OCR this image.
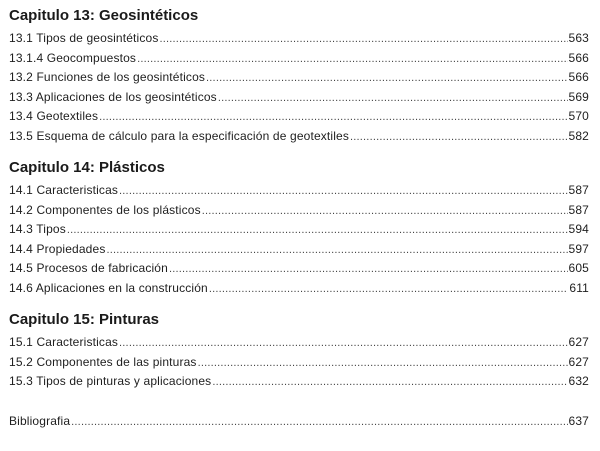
Capitulo 13: Geosintéticos
13.1 Tipos de geosintéticos .....	563
13.1.4 Geocompuestos .....	566
13.2 Funciones de los geosintéticos .....	566
13.3 Aplicaciones de los geosintéticos .....	569
13.4 Geotextiles .....	570
13.5 Esquema de cálculo para la especificación de geotextiles .....	582
Capitulo 14: Plásticos
14.1 Caracteristicas .....	587
14.2 Componentes de los plásticos .....	587
14.3 Tipos .....	594
14.4 Propiedades .....	597
14.5 Procesos de fabricación .....	605
14.6 Aplicaciones en la construcción .....	611
Capitulo 15: Pinturas
15.1 Caracteristicas .....	627
15.2 Componentes de las pinturas .....	627
15.3 Tipos de pinturas y aplicaciones .....	632
Bibliografia .....	637
